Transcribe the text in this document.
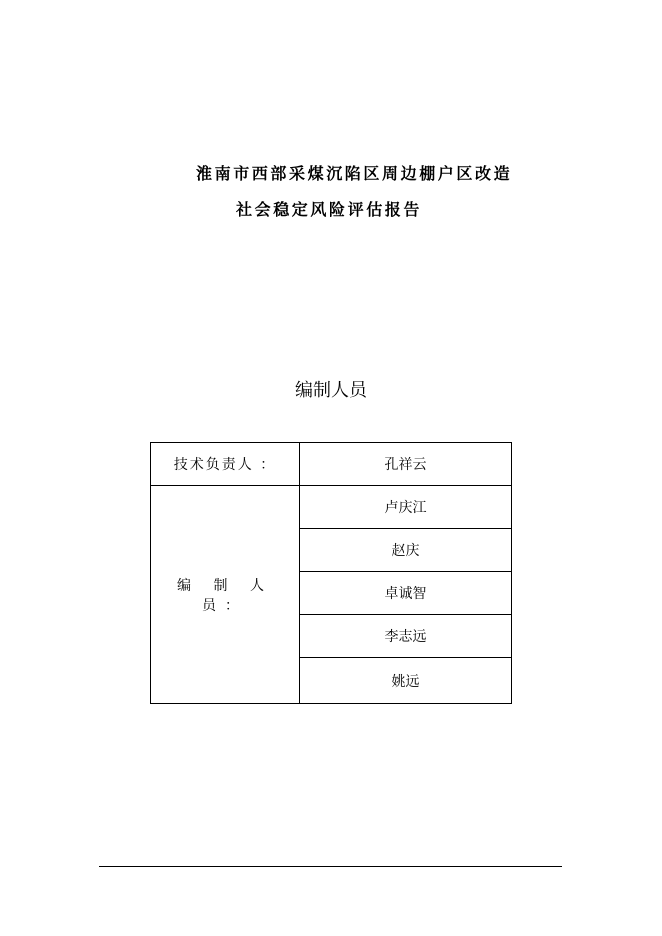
淮南市西部采煤沉陷区周边棚户区改造
社会稳定风险评估报告
编制人员
技术负责人 ：	孔祥云
编 制 人 员：	卢庆江
	赵庆
	卓诚智
	李志远
	姚远
